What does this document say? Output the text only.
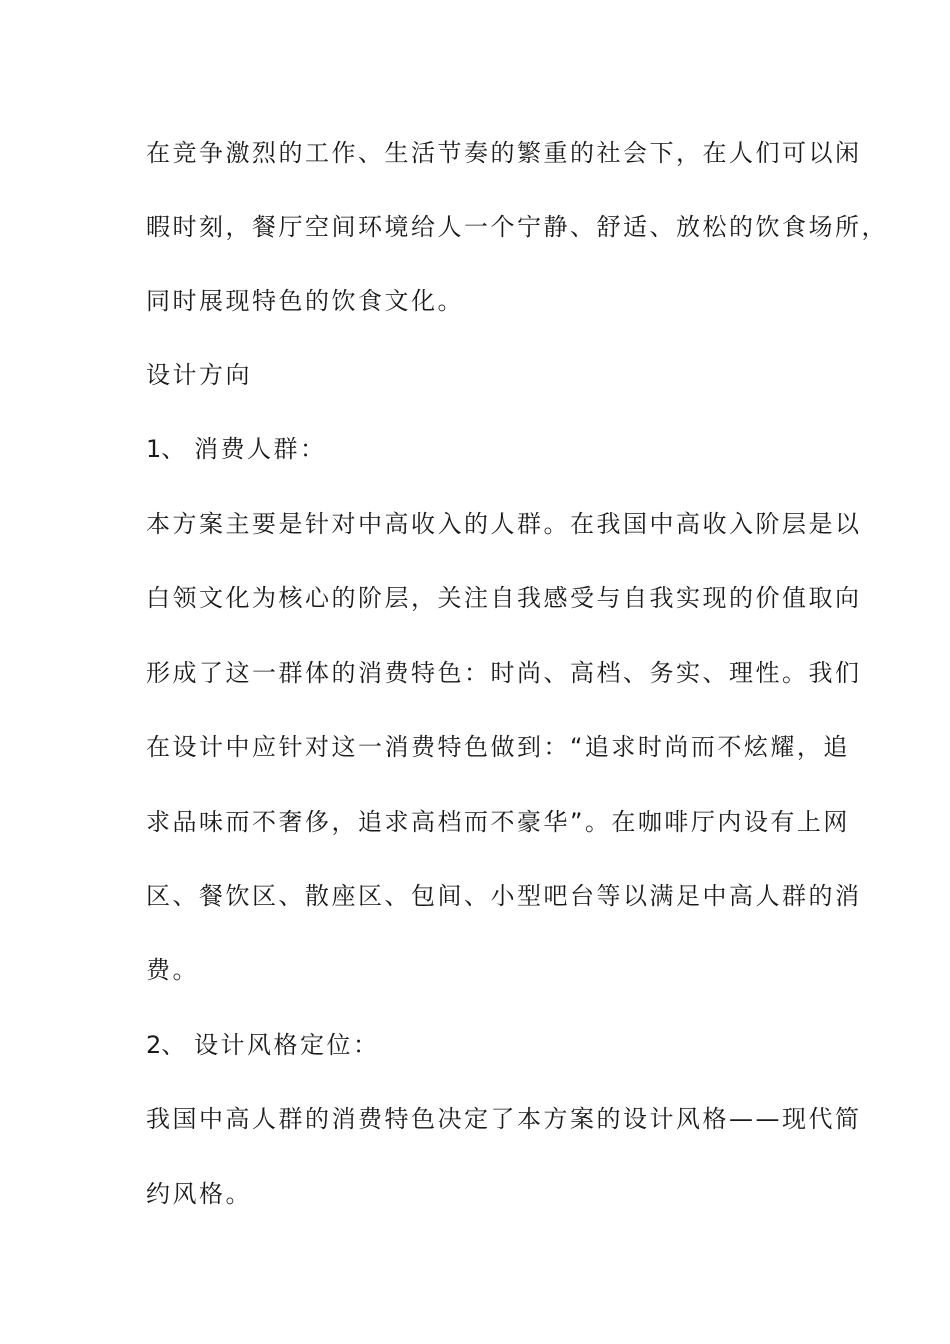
在竞争激烈的工作、生活节奏的繁重的社会下，在人们可以闲
暇时刻，餐厅空间环境给人一个宁静、舒适、放松的饮食场所，
同时展现特色的饮食文化。
设计方向
1、 消费人群：
本方案主要是针对中高收入的人群。在我国中高收入阶层是以
白领文化为核心的阶层，关注自我感受与自我实现的价值取向
形成了这一群体的消费特色：时尚、高档、务实、理性。我们
在设计中应针对这一消费特色做到：“追求时尚而不炫耀，追
求品味而不奢侈，追求高档而不豪华”。在咖啡厅内设有上网
区、餐饮区、散座区、包间、小型吧台等以满足中高人群的消
费。
2、 设计风格定位：
我国中高人群的消费特色决定了本方案的设计风格——现代简
约风格。
